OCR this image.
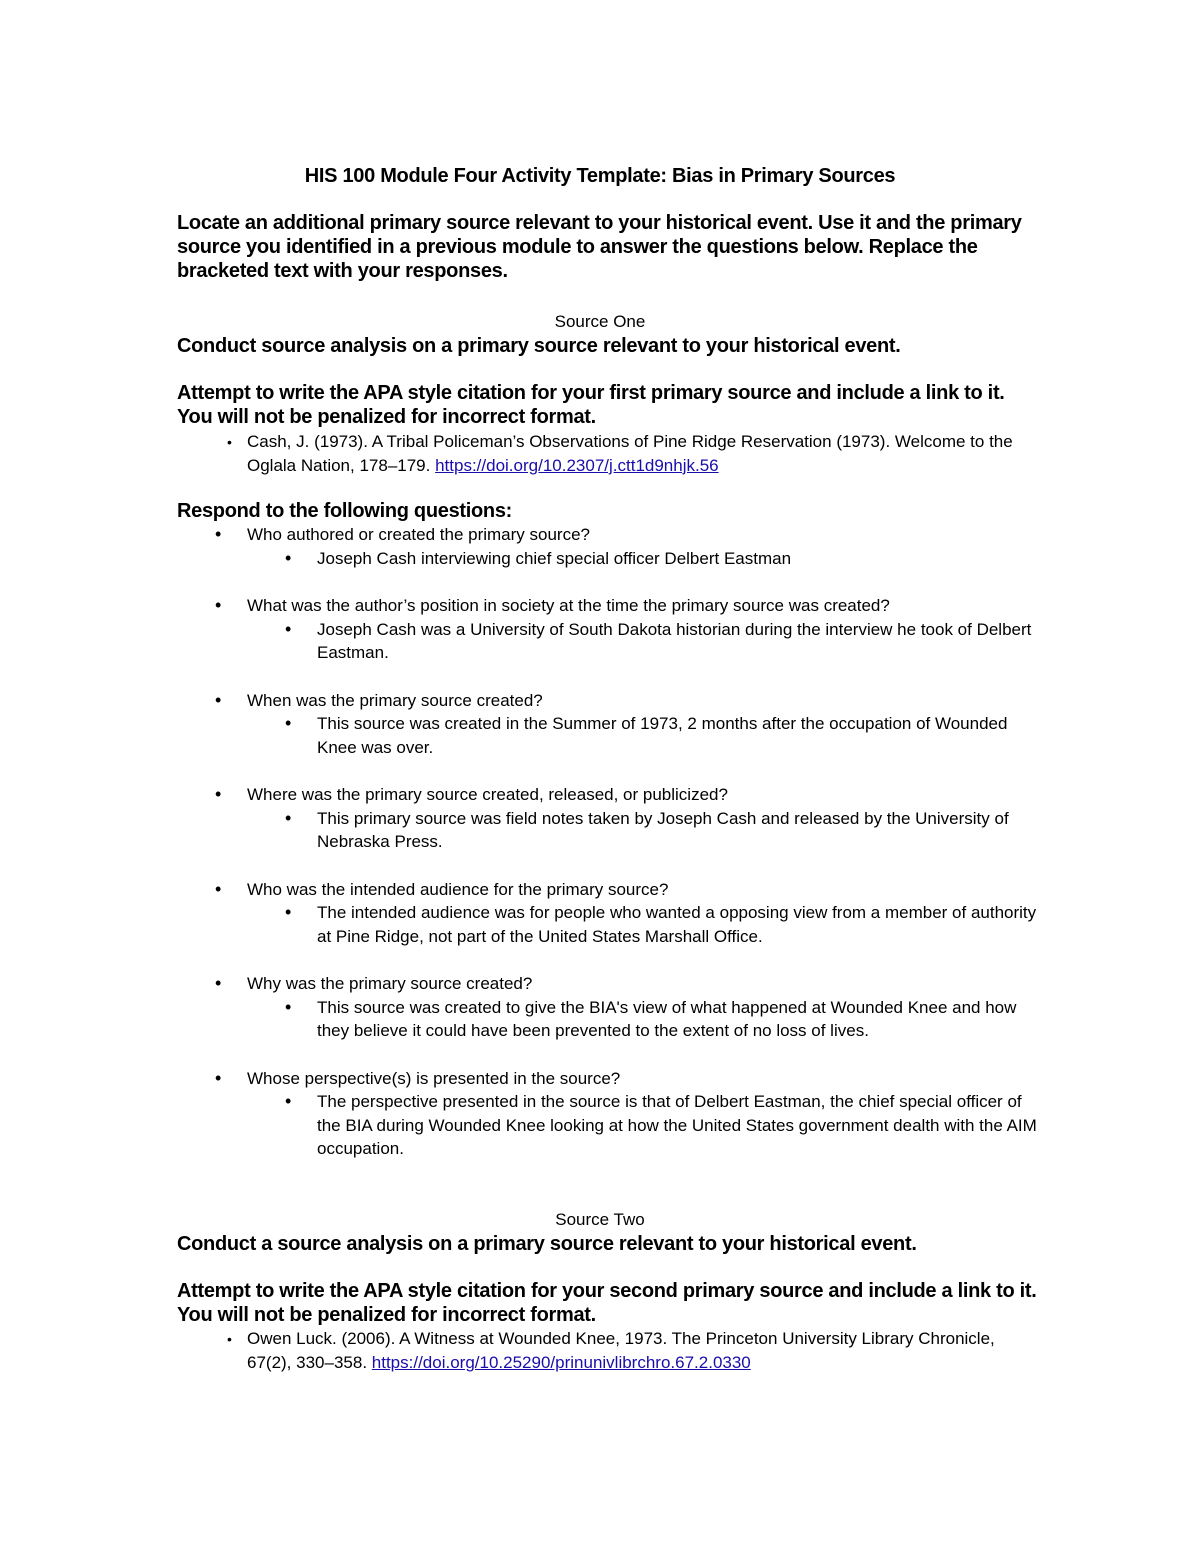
HIS 100 Module Four Activity Template: Bias in Primary Sources
Locate an additional primary source relevant to your historical event. Use it and the primary source you identified in a previous module to answer the questions below. Replace the bracketed text with your responses.
Source One
Conduct source analysis on a primary source relevant to your historical event.
Attempt to write the APA style citation for your first primary source and include a link to it. You will not be penalized for incorrect format.
• Cash, J. (1973). A Tribal Policeman’s Observations of Pine Ridge Reservation (1973). Welcome to the Oglala Nation, 178–179. https://doi.org/10.2307/j.ctt1d9nhjk.56
Respond to the following questions:
• Who authored or created the primary source?
• Joseph Cash interviewing chief special officer Delbert Eastman
• What was the author’s position in society at the time the primary source was created?
• Joseph Cash was a University of South Dakota historian during the interview he took of Delbert Eastman.
• When was the primary source created?
• This source was created in the Summer of 1973, 2 months after the occupation of Wounded Knee was over.
• Where was the primary source created, released, or publicized?
• This primary source was field notes taken by Joseph Cash and released by the University of Nebraska Press.
• Who was the intended audience for the primary source?
• The intended audience was for people who wanted a opposing view from a member of authority at Pine Ridge, not part of the United States Marshall Office.
• Why was the primary source created?
• This source was created to give the BIA's view of what happened at Wounded Knee and how they believe it could have been prevented to the extent of no loss of lives.
• Whose perspective(s) is presented in the source?
• The perspective presented in the source is that of Delbert Eastman, the chief special officer of the BIA during Wounded Knee looking at how the United States government dealth with the AIM occupation.
Source Two
Conduct a source analysis on a primary source relevant to your historical event.
Attempt to write the APA style citation for your second primary source and include a link to it. You will not be penalized for incorrect format.
• Owen Luck. (2006). A Witness at Wounded Knee, 1973. The Princeton University Library Chronicle, 67(2), 330–358. https://doi.org/10.25290/prinunivlibrchro.67.2.0330
